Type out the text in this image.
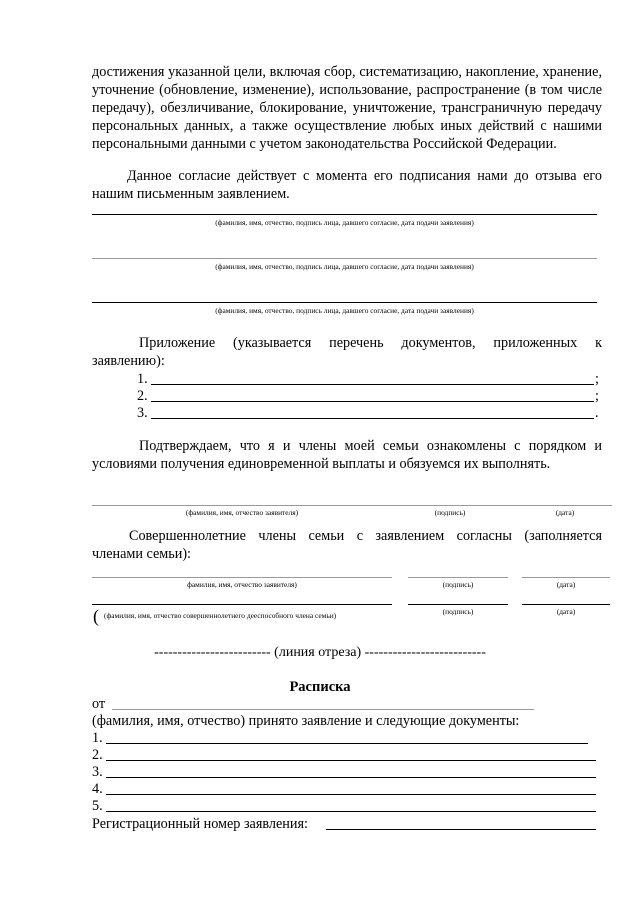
достижения указанной цели, включая сбор, систематизацию, накопление, хранение, уточнение (обновление, изменение), использование, распространение (в том числе передачу), обезличивание, блокирование, уничтожение, трансграничную передачу персональных данных, а также осуществление любых иных действий с нашими персональными данными с учетом законодательства Российской Федерации.
Данное согласие действует с момента его подписания нами до отзыва его нашим письменным заявлением.
(фамилия, имя, отчество, подпись лица, давшего согласие, дата подачи заявления)
(фамилия, имя, отчество, подпись лица, давшего согласие, дата подачи заявления)
(фамилия, имя, отчество, подпись лица, давшего согласие, дата подачи заявления)
Приложение (указывается перечень документов, приложенных к заявлению):
1.	;
2.	;
3.	.
Подтверждаем, что я и члены моей семьи ознакомлены с порядком и условиями получения единовременной выплаты и обязуемся их выполнять.
(фамилия, имя, отчество заявителя)	(подпись)	(дата)
Совершеннолетние члены семьи с заявлением согласны (заполняется членами семьи):
фамилия, имя, отчество заявителя)	(подпись)	(дата)
(фамилия, имя, отчество совершеннолетнего дееспособного члена семьи)	(подпись)	(дата)
(
------------------------- (линия отреза) --------------------------
Расписка
от
(фамилия, имя, отчество) принято заявление и следующие документы:
1.
2.
3.
4.
5.
Регистрационный номер заявления:
